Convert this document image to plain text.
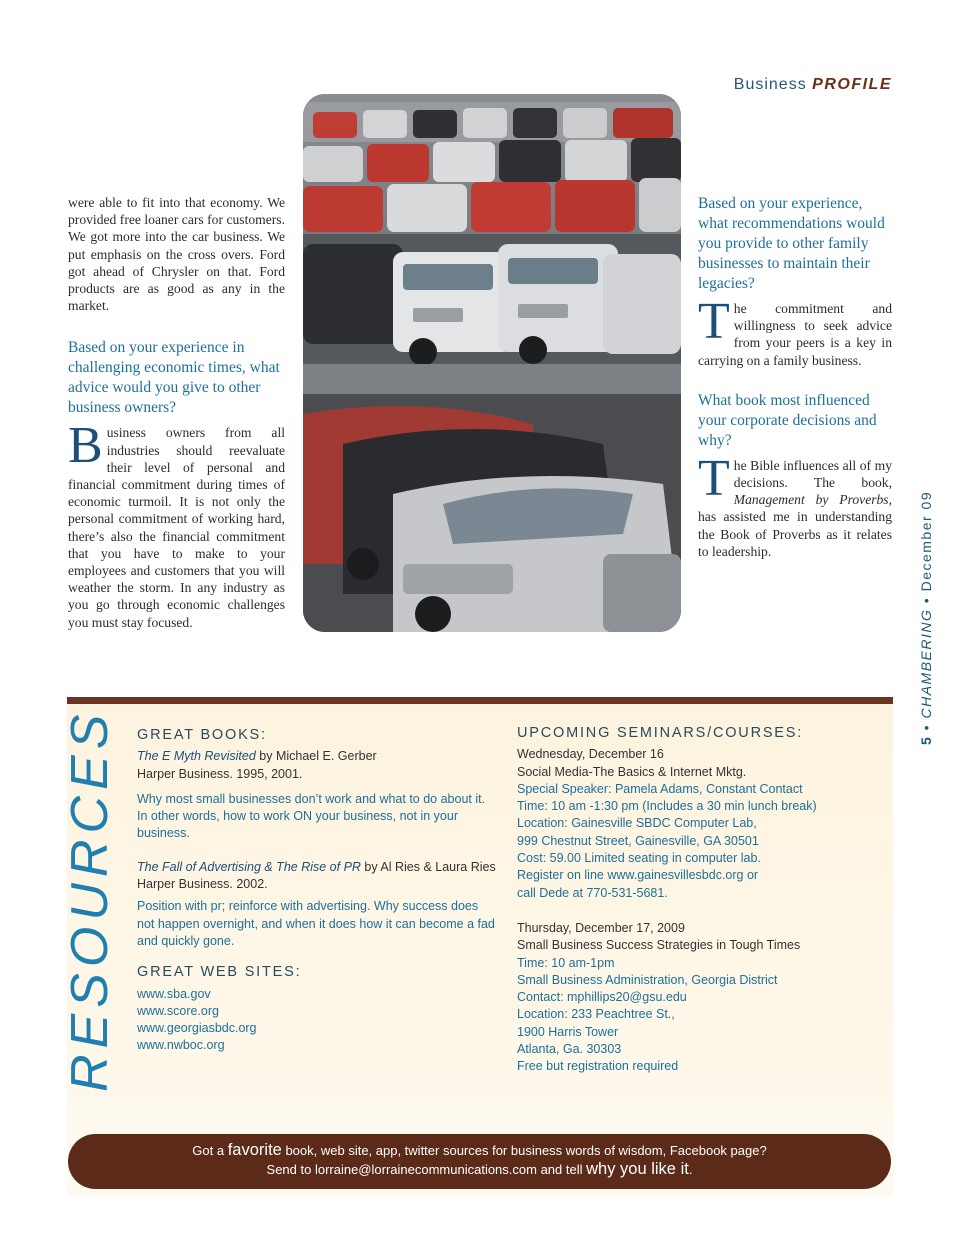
Business PROFILE

were able to fit into that economy. We provided free loaner cars for customers. We got more into the car business. We put emphasis on the cross overs. Ford got ahead of Chrysler on that. Ford products are as good as any in the market.

Based on your experience in challenging economic times, what advice would you give to other business owners?

B usiness owners from all industries should reevaluate their level of personal and financial commitment during times of economic turmoil. It is not only the personal commitment of working hard, there’s also the financial commitment that you have to make to your employees and customers that you will weather the storm. In any industry as you go through economic challenges you must stay focused.

Based on your experience, what recommendations would you provide to other family businesses to maintain their legacies?

T he commitment and willingness to seek advice from your peers is a key in carrying on a family business.

What book most influenced your corporate decisions and why?

T he Bible influences all of my decisions. The book, Management by Proverbs, has assisted me in understanding the Book of Proverbs as it relates to leadership.

5 • CHAMBERING • December 09
RESOURCES GREAT BOOKS:
The E Myth Revisited by Michael E. Gerber
Harper Business. 1995, 2001.
Why most small businesses don’t work and what to do about it. In other words, how to work ON your business, not in your business.
The Fall of Advertising & The Rise of PR by Al Ries & Laura Ries
Harper Business. 2002.
Position with pr; reinforce with advertising. Why success does not happen overnight, and when it does how it can become a fad and quickly gone.
GREAT WEB SITES:
www.sba.gov
www.score.org
www.georgiasbdc.org
www.nwboc.org
UPCOMING SEMINARS/COURSES:
Wednesday, December 16
Social Media-The Basics & Internet Mktg.
Special Speaker: Pamela Adams, Constant Contact
Time: 10 am -1:30 pm (Includes a 30 min lunch break)
Location: Gainesville SBDC Computer Lab,
999 Chestnut Street, Gainesville, GA 30501
Cost: 59.00 Limited seating in computer lab.
Register on line www.gainesvillesbdc.org or
call Dede at 770-531-5681.
Thursday, December 17, 2009
Small Business Success Strategies in Tough Times
Time: 10 am-1pm
Small Business Administration, Georgia District
Contact: mphillips20@gsu.edu
Location: 233 Peachtree St.,
1900 Harris Tower
Atlanta, Ga. 30303
Free but registration required
Got a favorite book, web site, app, twitter sources for business words of wisdom, Facebook page?
Send to lorraine@lorrainecommunications.com and tell why you like it.
